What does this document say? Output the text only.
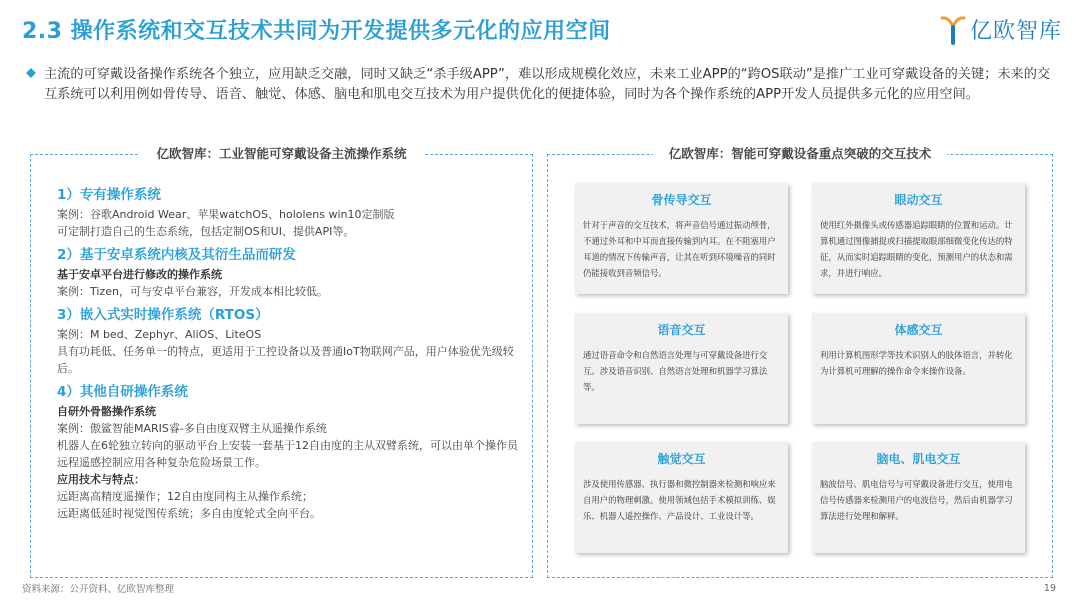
2.3 操作系统和交互技术共同为开发提供多元化的应用空间	亿欧智库

主流的可穿戴设备操作系统各个独立，应用缺乏交融，同时又缺乏“杀手级APP”，难以形成规模化效应，未来工业APP的“跨OS联动”是推广工业可穿戴设备的关键；未来的交互系统可以利用例如骨传导、语音、触觉、体感、脑电和肌电交互技术为用户提供优化的便捷体验，同时为各个操作系统的APP开发人员提供多元化的应用空间。

亿欧智库：工业智能可穿戴设备主流操作系统
1）专有操作系统
案例：谷歌Android Wear、苹果watchOS、hololens win10定制版
可定制打造自己的生态系统，包括定制OS和UI、提供API等。
2）基于安卓系统内核及其衍生品而研发
基于安卓平台进行修改的操作系统
案例：Tizen，可与安卓平台兼容，开发成本相比较低。
3）嵌入式实时操作系统（RTOS）
案例：M bed、Zephyr、AliOS、LiteOS
具有功耗低、任务单一的特点，更适用于工控设备以及普通IoT物联网产品，用户体验优先级较后。
4）其他自研操作系统
自研外骨骼操作系统
案例：傲鲨智能MARIS睿-多自由度双臂主从遥操作系统
机器人在6轮独立转向的驱动平台上安装一套基于12自由度的主从双臂系统，可以由单个操作员远程遥感控制应用各种复杂危险场景工作。
应用技术与特点：
远距离高精度遥操作；12自由度同构主从操作系统；
远距离低延时视觉图传系统；多自由度轮式全向平台。
亿欧智库：智能可穿戴设备重点突破的交互技术
骨传导交互

针对于声音的交互技术，将声音信号通过振动颅骨，不通过外耳和中耳而直接传输到内耳。在不阻塞用户耳道的情况下传输声音，让其在听到环境噪音的同时仍能接收到音频信号。

眼动交互

使用红外摄像头或传感器追踪眼睛的位置和运动。计算机通过图像捕捉或扫描提取眼部细微变化传达的特征，从而实时追踪眼睛的变化，预测用户的状态和需求，并进行响应。

语音交互

通过语音命令和自然语言处理与可穿戴设备进行交互。涉及语音识别、自然语言处理和机器学习算法等。

体感交互

利用计算机图形学等技术识别人的肢体语言，并转化为计算机可理解的操作命令来操作设备。

触觉交互

涉及使用传感器、执行器和微控制器来检测和响应来自用户的物理刺激。使用领域包括手术模拟训练、娱乐、机器人遥控操作、产品设计、工业设计等。

脑电、肌电交互

脑波信号、肌电信号与可穿戴设备进行交互，使用电信号传感器来检测用户的电波信号，然后由机器学习算法进行处理和解释。

资料来源：公开资料、亿欧智库整理	19
